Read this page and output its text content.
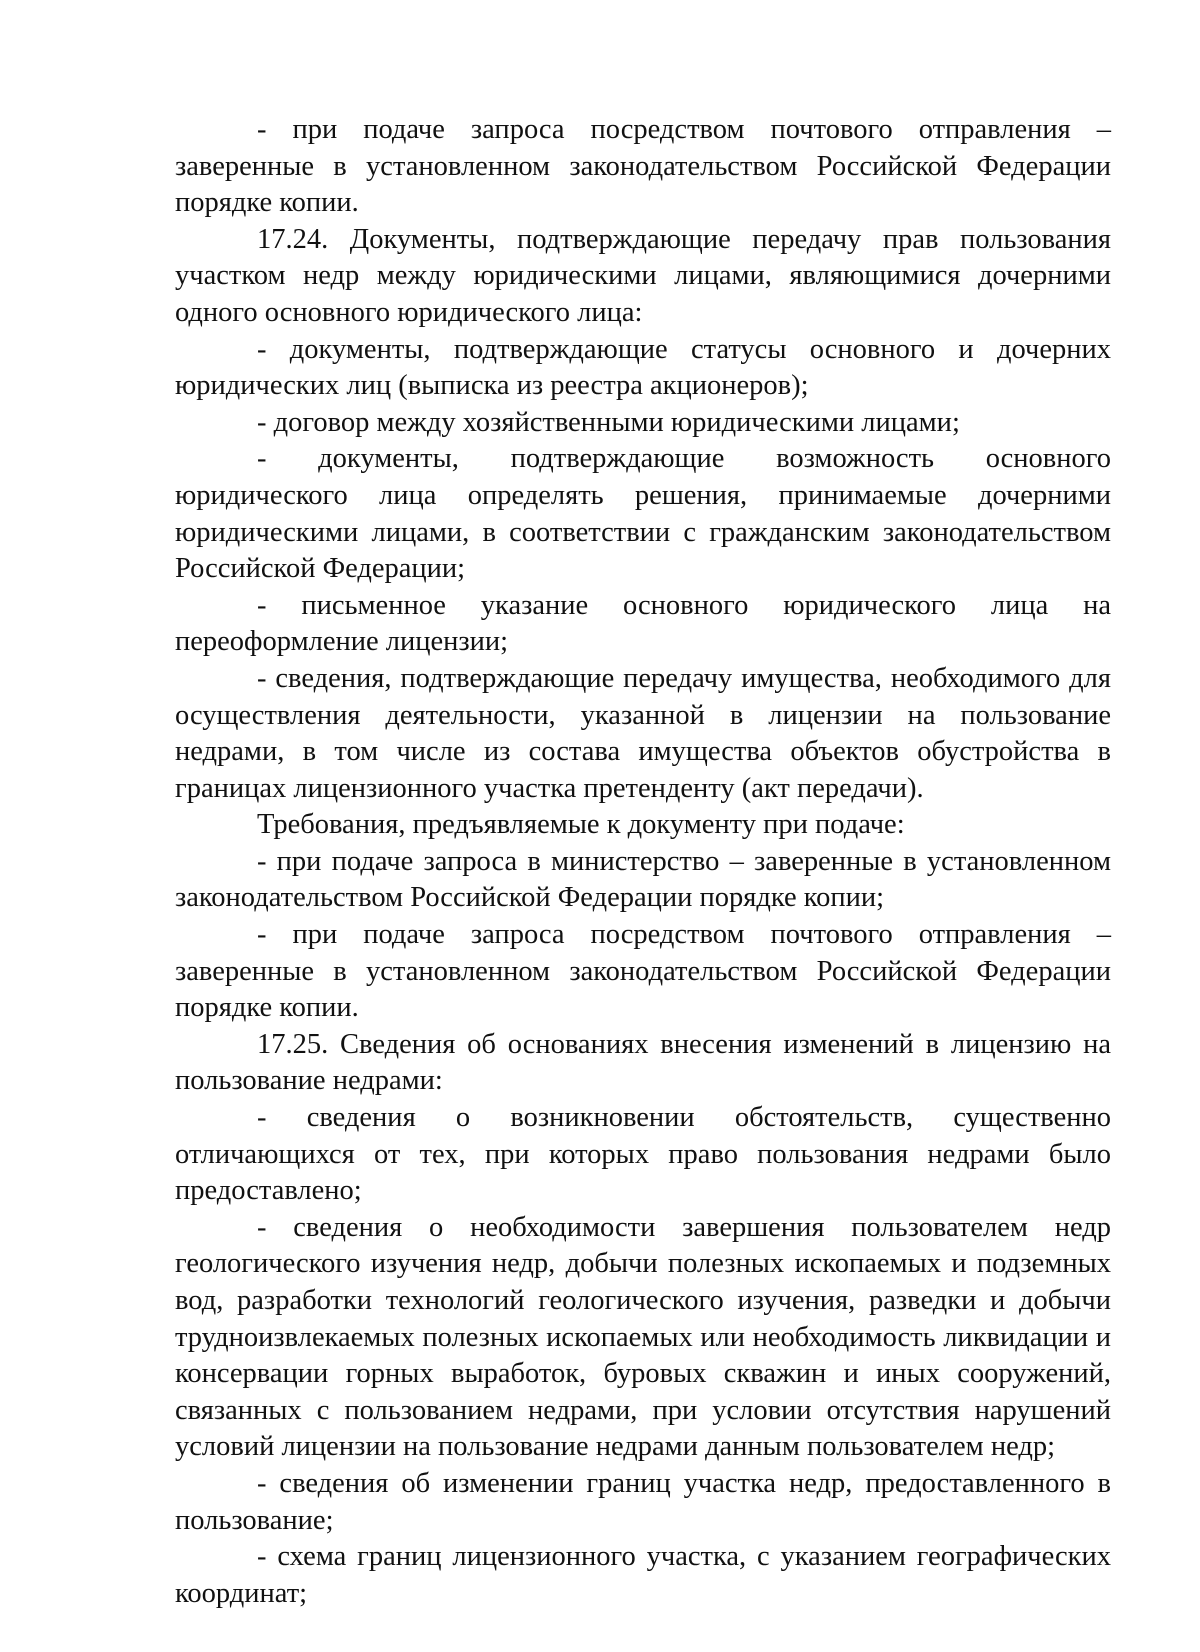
- при подаче запроса посредством почтового отправления – заверенные в установленном законодательством Российской Федерации порядке копии.

17.24. Документы, подтверждающие передачу прав пользования участком недр между юридическими лицами, являющимися дочерними одного основного юридического лица:

- документы, подтверждающие статусы основного и дочерних юридических лиц (выписка из реестра акционеров);

- договор между хозяйственными юридическими лицами;

- документы, подтверждающие возможность основного юридического лица определять решения, принимаемые дочерними юридическими лицами, в соответствии с гражданским законодательством Российской Федерации;

- письменное указание основного юридического лица на переоформление лицензии;

- сведения, подтверждающие передачу имущества, необходимого для осуществления деятельности, указанной в лицензии на пользование недрами, в том числе из состава имущества объектов обустройства в границах лицензионного участка претенденту (акт передачи).

Требования, предъявляемые к документу при подаче:

- при подаче запроса в министерство – заверенные в установленном законодательством Российской Федерации порядке копии;

- при подаче запроса посредством почтового отправления – заверенные в установленном законодательством Российской Федерации порядке копии.

17.25. Сведения об основаниях внесения изменений в лицензию на пользование недрами:

- сведения о возникновении обстоятельств, существенно отличающихся от тех, при которых право пользования недрами было предоставлено;

- сведения о необходимости завершения пользователем недр геологического изучения недр, добычи полезных ископаемых и подземных вод, разработки технологий геологического изучения, разведки и добычи трудноизвлекаемых полезных ископаемых или необходимость ликвидации и консервации горных выработок, буровых скважин и иных сооружений, связанных с пользованием недрами, при условии отсутствия нарушений условий лицензии на пользование недрами данным пользователем недр;

- сведения об изменении границ участка недр, предоставленного в пользование;

- схема границ лицензионного участка, с указанием географических координат;
